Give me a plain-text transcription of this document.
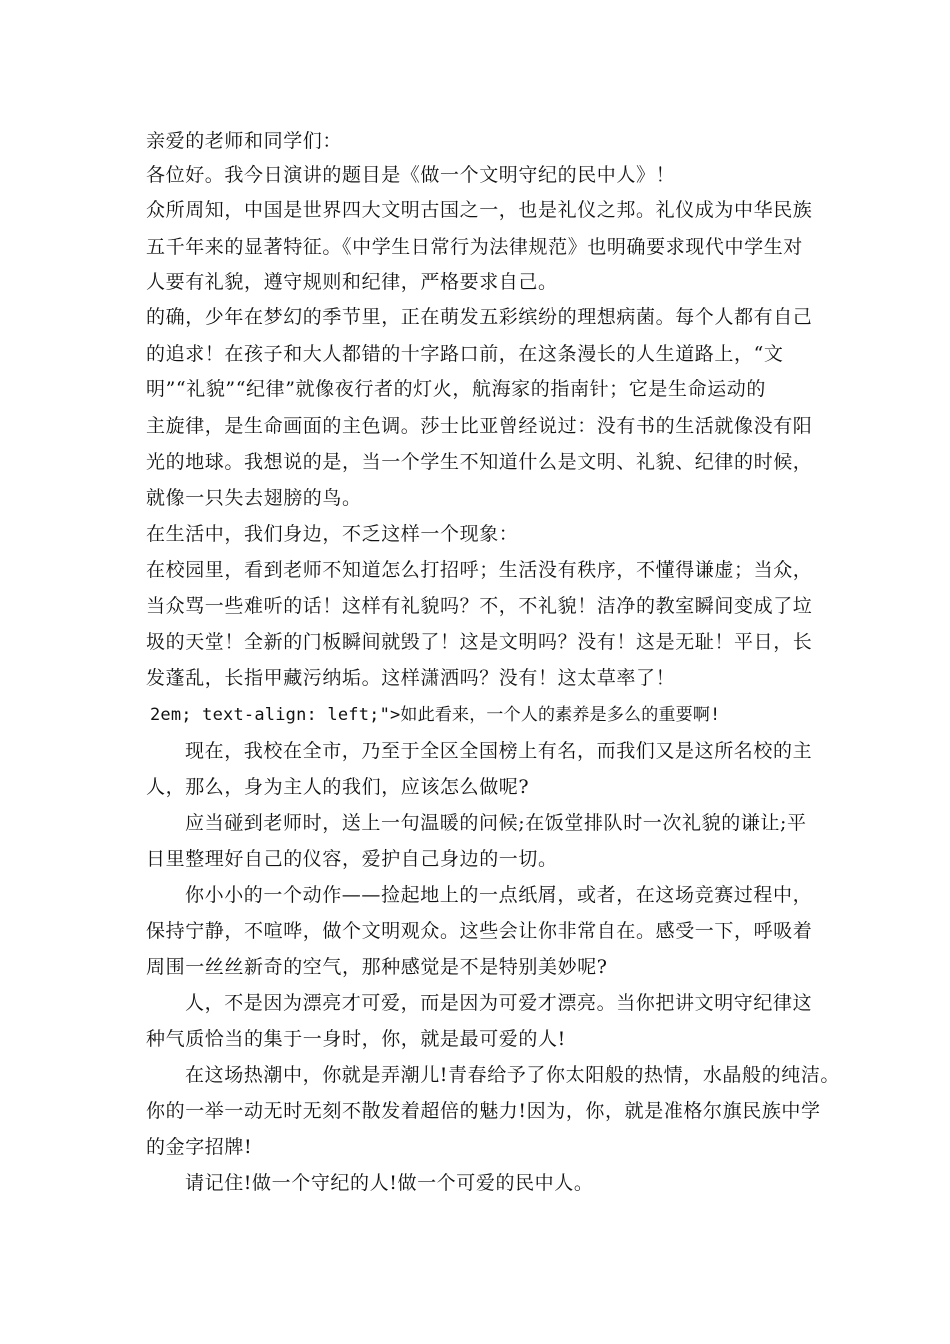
亲爱的老师和同学们：
各位好。我今日演讲的题目是《做一个文明守纪的民中人》！
众所周知，中国是世界四大文明古国之一，也是礼仪之邦。礼仪成为中华民族
五千年来的显著特征。《中学生日常行为法律规范》也明确要求现代中学生对
人要有礼貌，遵守规则和纪律，严格要求自己。
的确，少年在梦幻的季节里，正在萌发五彩缤纷的理想病菌。每个人都有自己
的追求！在孩子和大人都错的十字路口前，在这条漫长的人生道路上，“文
明”“礼貌”“纪律”就像夜行者的灯火，航海家的指南针；它是生命运动的
主旋律，是生命画面的主色调。莎士比亚曾经说过：没有书的生活就像没有阳
光的地球。我想说的是，当一个学生不知道什么是文明、礼貌、纪律的时候，
就像一只失去翅膀的鸟。
在生活中，我们身边，不乏这样一个现象：
在校园里，看到老师不知道怎么打招呼；生活没有秩序，不懂得谦虚；当众，
当众骂一些难听的话！这样有礼貌吗？不，不礼貌！洁净的教室瞬间变成了垃
圾的天堂！全新的门板瞬间就毁了！这是文明吗？没有！这是无耻！平日，长
发蓬乱，长指甲藏污纳垢。这样潇洒吗？没有！这太草率了！
2em; text-align: left;">如此看来，一个人的素养是多么的重要啊!
现在，我校在全市，乃至于全区全国榜上有名，而我们又是这所名校的主
人，那么，身为主人的我们，应该怎么做呢?
应当碰到老师时，送上一句温暖的问候;在饭堂排队时一次礼貌的谦让;平
日里整理好自己的仪容，爱护自己身边的一切。
你小小的一个动作——捡起地上的一点纸屑，或者，在这场竞赛过程中，
保持宁静，不喧哗，做个文明观众。这些会让你非常自在。感受一下，呼吸着
周围一丝丝新奇的空气，那种感觉是不是特别美妙呢?
人，不是因为漂亮才可爱，而是因为可爱才漂亮。当你把讲文明守纪律这
种气质恰当的集于一身时，你，就是最可爱的人!
在这场热潮中，你就是弄潮儿!青春给予了你太阳般的热情，水晶般的纯洁。
你的一举一动无时无刻不散发着超倍的魅力!因为，你，就是准格尔旗民族中学
的金字招牌!
请记住!做一个守纪的人!做一个可爱的民中人。
